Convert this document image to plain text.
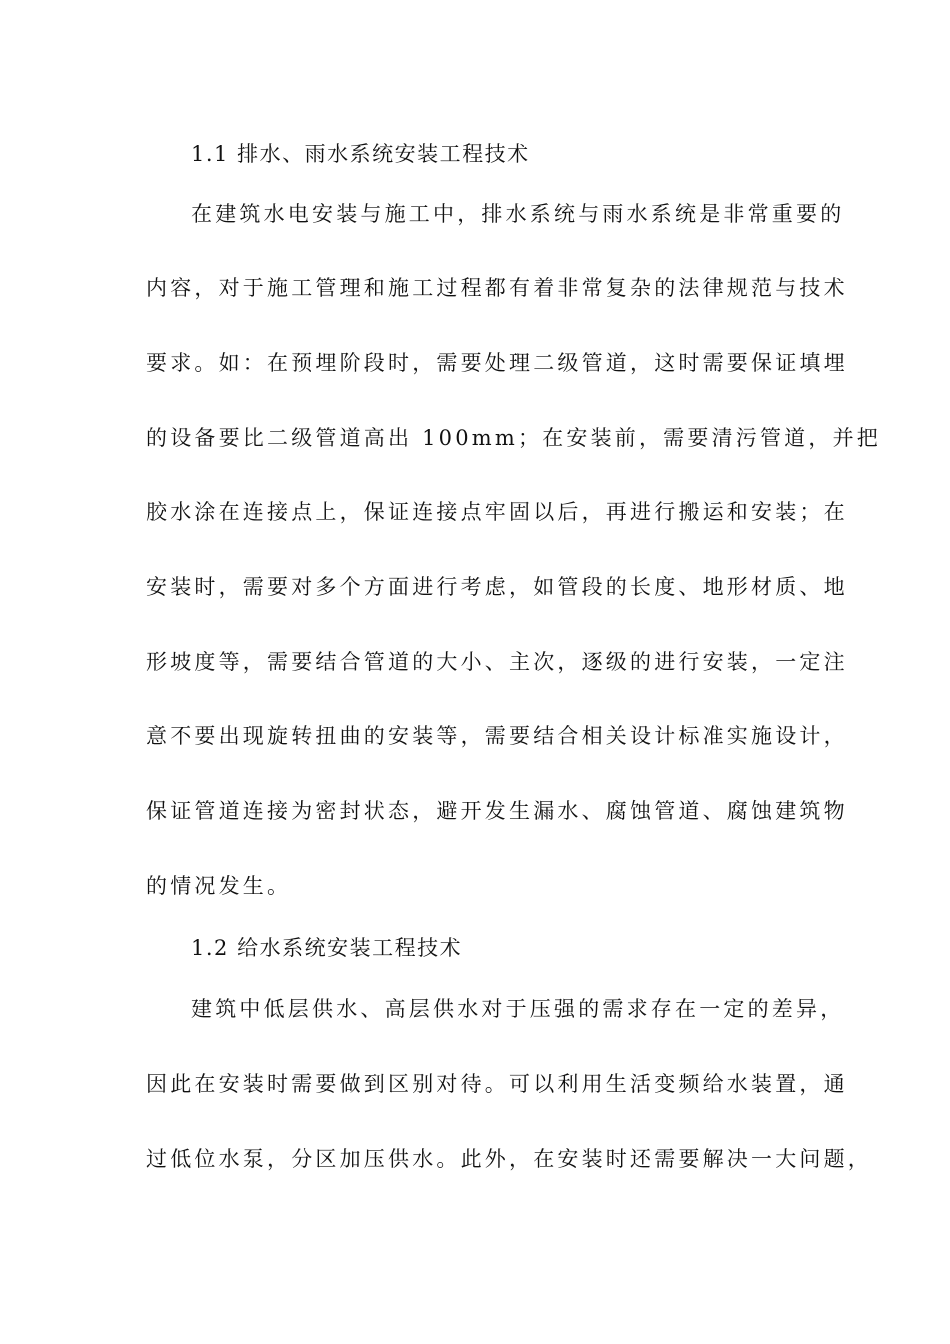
1.1 排水、雨水系统安装工程技术
在建筑水电安装与施工中，排水系统与雨水系统是非常重要的
内容，对于施工管理和施工过程都有着非常复杂的法律规范与技术
要求。如：在预埋阶段时，需要处理二级管道，这时需要保证填埋
的设备要比二级管道高出 100mm；在安装前，需要清污管道，并把
胶水涂在连接点上，保证连接点牢固以后，再进行搬运和安装；在
安装时，需要对多个方面进行考虑，如管段的长度、地形材质、地
形坡度等，需要结合管道的大小、主次，逐级的进行安装，一定注
意不要出现旋转扭曲的安装等，需要结合相关设计标准实施设计，
保证管道连接为密封状态，避开发生漏水、腐蚀管道、腐蚀建筑物
的情况发生。
1.2 给水系统安装工程技术
建筑中低层供水、高层供水对于压强的需求存在一定的差异，
因此在安装时需要做到区别对待。可以利用生活变频给水装置，通
过低位水泵，分区加压供水。此外，在安装时还需要解决一大问题，
